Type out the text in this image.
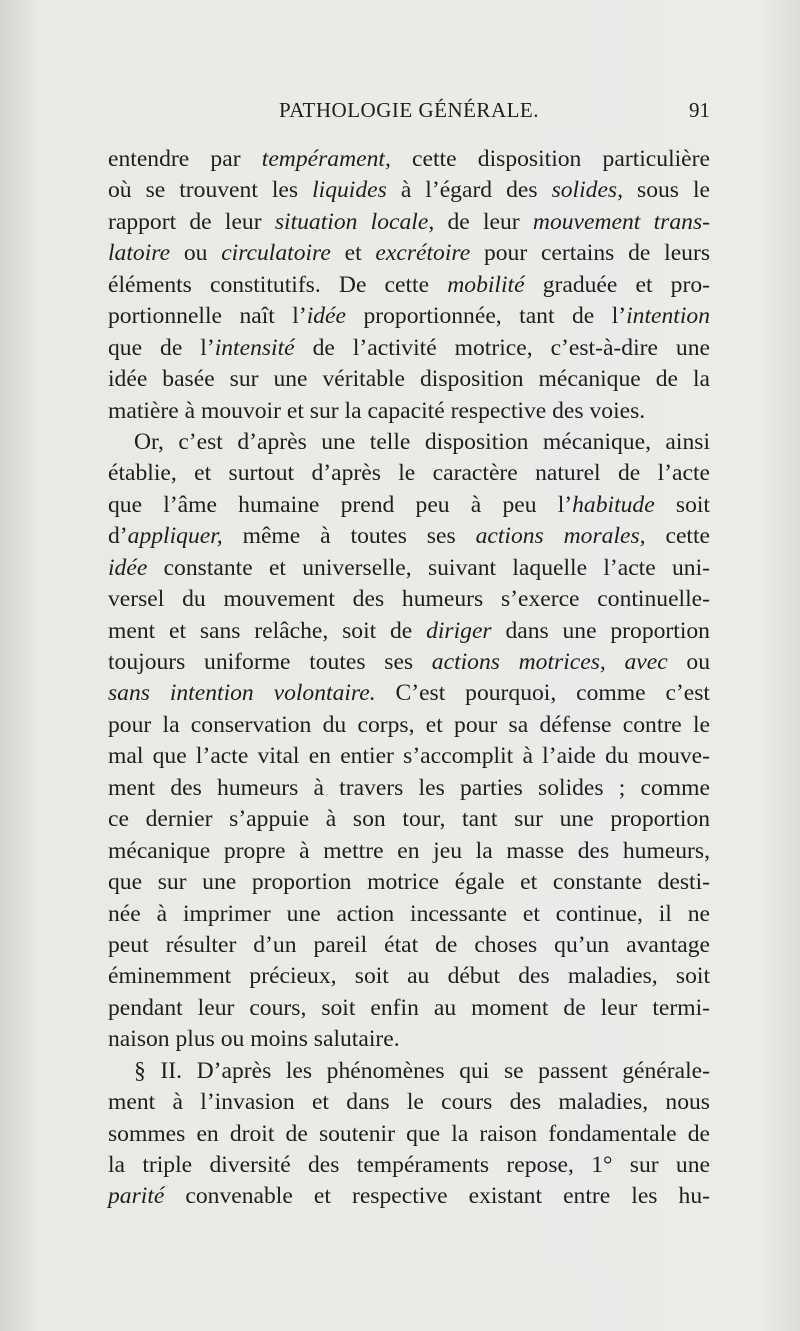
PATHOLOGIE GÉNÉRALE.	91
entendre par tempérament, cette disposition particulière
où se trouvent les liquides à l’égard des solides, sous le
rapport de leur situation locale, de leur mouvement trans-
latoire ou circulatoire et excrétoire pour certains de leurs
éléments constitutifs. De cette mobilité graduée et pro-
portionnelle naît l’idée proportionnée, tant de l’intention
que de l’intensité de l’activité motrice, c’est-à-dire une
idée basée sur une véritable disposition mécanique de la
matière à mouvoir et sur la capacité respective des voies.
Or, c’est d’après une telle disposition mécanique, ainsi
établie, et surtout d’après le caractère naturel de l’acte
que l’âme humaine prend peu à peu l’habitude soit
d’appliquer, même à toutes ses actions morales, cette
idée constante et universelle, suivant laquelle l’acte uni-
versel du mouvement des humeurs s’exerce continuelle-
ment et sans relâche, soit de diriger dans une proportion
toujours uniforme toutes ses actions motrices, avec ou
sans intention volontaire. C’est pourquoi, comme c’est
pour la conservation du corps, et pour sa défense contre le
mal que l’acte vital en entier s’accomplit à l’aide du mouve-
ment des humeurs à travers les parties solides ; comme
ce dernier s’appuie à son tour, tant sur une proportion
mécanique propre à mettre en jeu la masse des humeurs,
que sur une proportion motrice égale et constante desti-
née à imprimer une action incessante et continue, il ne
peut résulter d’un pareil état de choses qu’un avantage
éminemment précieux, soit au début des maladies, soit
pendant leur cours, soit enfin au moment de leur termi-
naison plus ou moins salutaire.
§ II. D’après les phénomènes qui se passent générale-
ment à l’invasion et dans le cours des maladies, nous
sommes en droit de soutenir que la raison fondamentale de
la triple diversité des tempéraments repose, 1° sur une
parité convenable et respective existant entre les hu-
